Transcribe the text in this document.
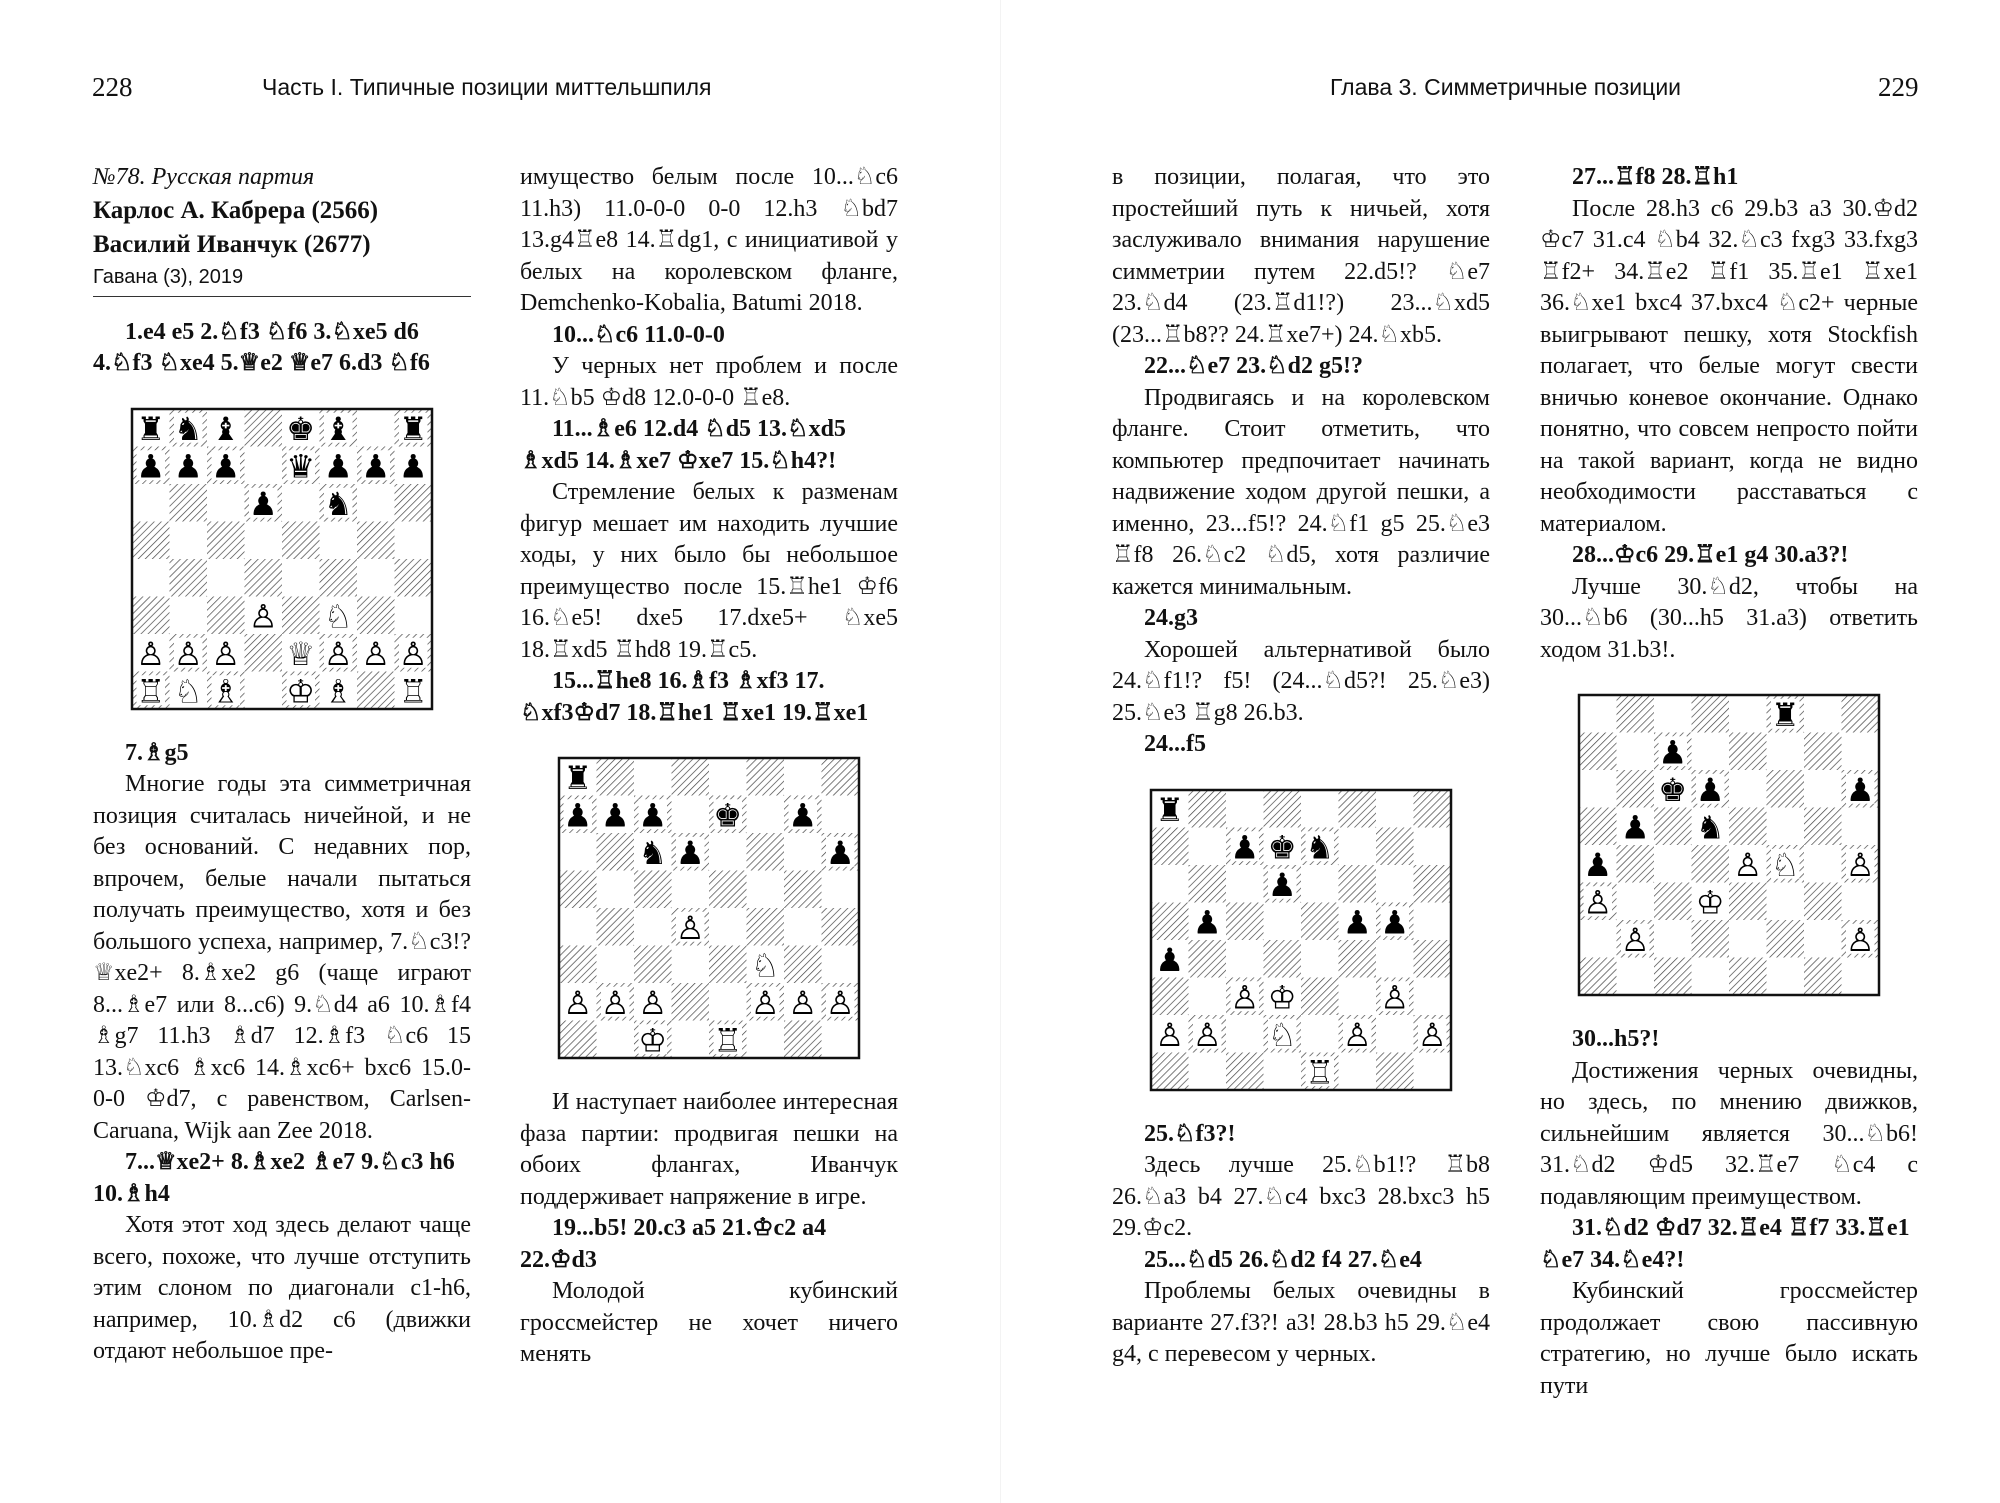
228	Часть I. Типичные позиции миттельшпиля	Глава 3. Симметричные позиции	229
№78. Русская партия
Карлос А. Кабрера (2566)
Василий Иванчук (2677)
Гавана (3), 2019

1.e4 e5 2.♘f3 ♘f6 3.♘xe5 d6 4.♘f3 ♘xe4 5.♕e2 ♕e7 6.d3 ♘f6

♜ ♞ ♝ ♚ ♝ ♜
♟ ♟ ♟ ♛ ♟ ♟ ♟
♟ ♞
♙ ♘
♙ ♙ ♙ ♕ ♙ ♙ ♙
♖ ♘ ♗ ♔ ♗ ♖

7.♗g5

Многие годы эта симметричная позиция считалась ничейной, и не без оснований. С недавних пор, впрочем, белые начали пытаться получать преимущество, хотя и без большого успеха, например, 7.♘c3!? ♕xe2+ 8.♗xe2 g6 (чаще играют 8...♗e7 или 8...c6) 9.♘d4 a6 10.♗f4 ♗g7 11.h3 ♗d7 12.♗f3 ♘c6 15 13.♘xc6 ♗xc6 14.♗xc6+ bxc6 15.0-0-0 ♔d7, с равенством, Carlsen-Caruana, Wijk aan Zee 2018.

7...♕xe2+ 8.♗xe2 ♗e7 9.♘c3 h6 10.♗h4

Хотя этот ход здесь делают чаще всего, похоже, что лучше отступить этим слоном по диагонали c1-h6, например, 10.♗d2 c6 (движки отдают небольшое пре-

имущество белым после 10...♘c6 11.h3) 11.0-0-0 0-0 12.h3 ♘bd7 13.g4♖e8 14.♖dg1, с инициативой у белых на королевском фланге, Demchenko-Kobalia, Batumi 2018.

10...♘c6 11.0-0-0

У черных нет проблем и после 11.♘b5 ♔d8 12.0-0-0 ♖e8.

11...♗e6 12.d4 ♘d5 13.♘xd5 ♗xd5 14.♗xe7 ♔xe7 15.♘h4?!

Стремление белых к разменам фигур мешает им находить лучшие ходы, у них было бы небольшое преимущество после 15.♖he1 ♔f6 16.♘e5! dxe5 17.dxe5+ ♘xe5 18.♖xd5 ♖hd8 19.♖c5.

15...♖he8 16.♗f3 ♗xf3 17. ♘xf3♔d7 18.♖he1 ♖xe1 19.♖xe1

♜
♟ ♟ ♟ ♚ ♟
♞ ♟	♟
♙
♘
♙ ♙ ♙	♙ ♙ ♙
♔ ♖

И наступает наиболее интересная фаза партии: продвигая пешки на обоих флангах, Иванчук поддерживает напряжение в игре.

19...b5! 20.c3 a5 21.♔c2 a4 22.♔d3

Молодой кубинский гроссмейстер не хочет ничего менять

в позиции, полагая, что это простейший путь к ничьей, хотя заслуживало внимания нарушение симметрии путем 22.d5!? ♘e7 23.♘d4 (23.♖d1!?) 23...♘xd5 (23...♖b8?? 24.♖xe7+) 24.♘xb5.

22...♘e7 23.♘d2 g5!?

Продвигаясь и на королевском фланге. Стоит отметить, что компьютер предпочитает начинать надвижение ходом другой пешки, а именно, 23...f5!? 24.♘f1 g5 25.♘e3 ♖f8 26.♘c2 ♘d5, хотя различие кажется минимальным.

24.g3

Хорошей альтернативой было 24.♘f1!? f5! (24...♘d5?! 25.♘e3) 25.♘e3 ♖g8 26.b3.

24...f5

♜
♟ ♚ ♞
♟
♟	♟ ♟
♟
♙ ♔	♙
♙ ♙ ♘ ♙ ♙
♖

25.♘f3?!

Здесь лучше 25.♘b1!? ♖b8 26.♘a3 b4 27.♘c4 bxc3 28.bxc3 h5 29.♔c2.

25...♘d5 26.♘d2 f4 27.♘e4

Проблемы белых очевидны в варианте 27.f3?! a3! 28.b3 h5 29.♘e4 g4, с перевесом у черных.

27...♖f8 28.♖h1

После 28.h3 c6 29.b3 a3 30.♔d2 ♔c7 31.c4 ♘b4 32.♘c3 fxg3 33.fxg3 ♖f2+ 34.♖e2 ♖f1 35.♖e1 ♖xe1 36.♘xe1 bxc4 37.bxc4 ♘c2+ черные выигрывают пешку, хотя Stockfish полагает, что белые могут свести вничью коневое окончание. Однако понятно, что совсем непросто пойти на такой вариант, когда не видно необходимости расставаться с материалом.

28...♔c6 29.♖e1 g4 30.a3?!

Лучше 30.♘d2, чтобы на 30...♘b6 (30...h5 31.a3) ответить ходом 31.b3!.

♜
♟
♚ ♟	♟
♟ ♞
♟	♙ ♘ ♙
♙	♔
♙	♙

30...h5?!

Достижения черных очевидны, но здесь, по мнению движков, сильнейшим является 30...♘b6! 31.♘d2 ♔d5 32.♖e7 ♘c4 с подавляющим преимуществом.

31.♘d2 ♔d7 32.♖e4 ♖f7 33.♖e1 ♘e7 34.♘e4?!

Кубинский гроссмейстер продолжает свою пассивную стратегию, но лучше было искать пути
